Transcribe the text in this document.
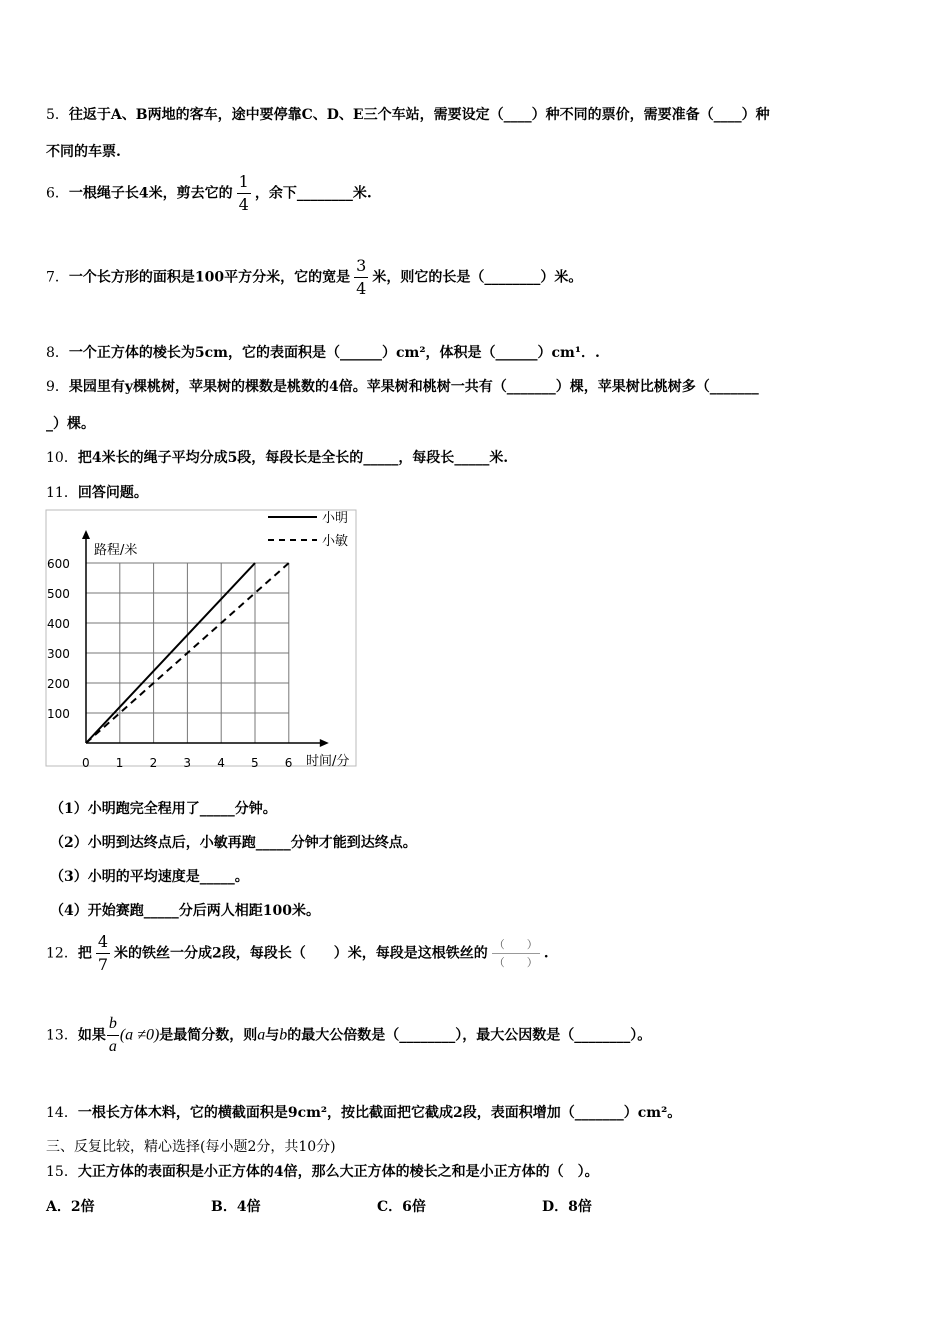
5．往返于A、B两地的客车，途中要停靠C、D、E三个车站，需要设定（____）种不同的票价，需要准备（____）种
不同的车票.
6．一根绳子长4米，剪去它的 $\frac{1}{4}$ ，余下________米.
7．一个长方形的面积是100平方分米，它的宽是 $\frac{3}{4}$ 米，则它的长是（________）米。
8．一个正方体的棱长为5cm，它的表面积是（______）cm²，体积是（______）cm¹．.
9．果园里有y棵桃树，苹果树的棵数是桃数的4倍。苹果树和桃树一共有（_______）棵，苹果树比桃树多（_______
_）棵。
10．把4米长的绳子平均分成5段，每段长是全长的_____，每段长_____米.
11．回答问题。
0 1 2 3 4 5 6
100
200
300
400
500
600
路程/米
时间/分
小明
小敏
（1）小明跑完全程用了_____分钟。
（2）小明到达终点后，小敏再跑_____分钟才能到达终点。
（3）小明的平均速度是_____。
（4）开始赛跑_____分后两人相距100米。
12．把 $\frac{4}{7}$ 米的铁丝一分成2段，每段长（　　）米，每段是这根铁丝的 $\frac{( )}{( )}$ .
13．如果 $\frac{b}{a} (a \ne 0)$是最简分数，则a与b的最大公倍数是（________），最大公因数是（________）。
14．一根长方体木料，它的横截面积是9cm²，按比截面把它截成2段，表面积增加（_______）cm²。
三、反复比较，精心选择(每小题2分，共10分)
15．大正方体的表面积是小正方体的4倍，那么大正方体的棱长之和是小正方体的（　）。
A．2倍	B．4倍	C．6倍	D．8倍
